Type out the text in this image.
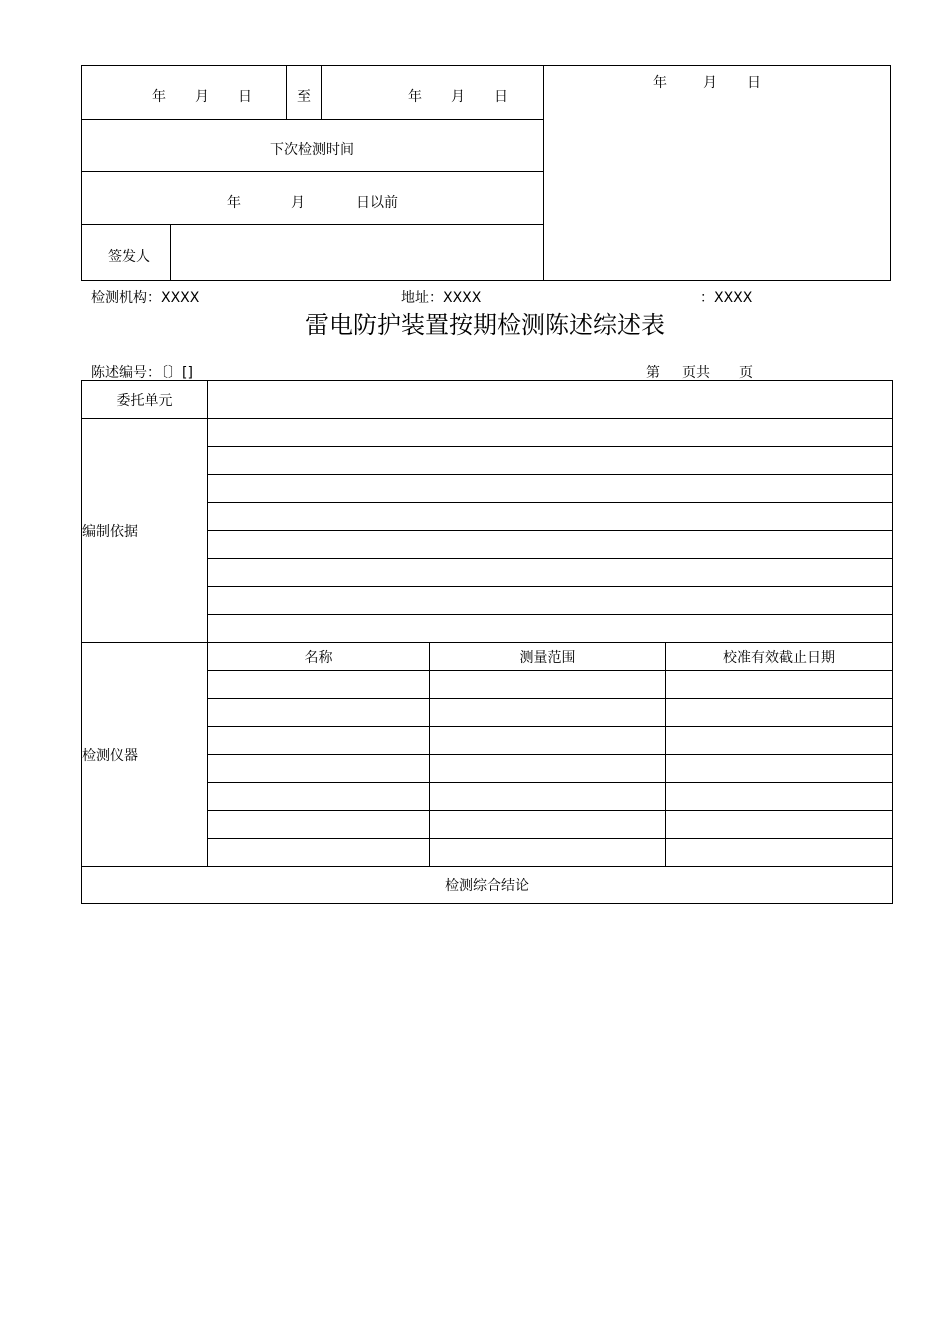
年 月 日	至	年 月 日
下次检测时间
年	月	日以前
签发人
年	月 日
检测机构：XXXX	地址：XXXX	：XXXX
雷电防护装置按期检测陈述综述表
陈述编号：〔〕[]	第 页共 页
委托单元			
编制依据			

检测仪器	名称	测量范围	校准有效截止日期

检测综合结论			
